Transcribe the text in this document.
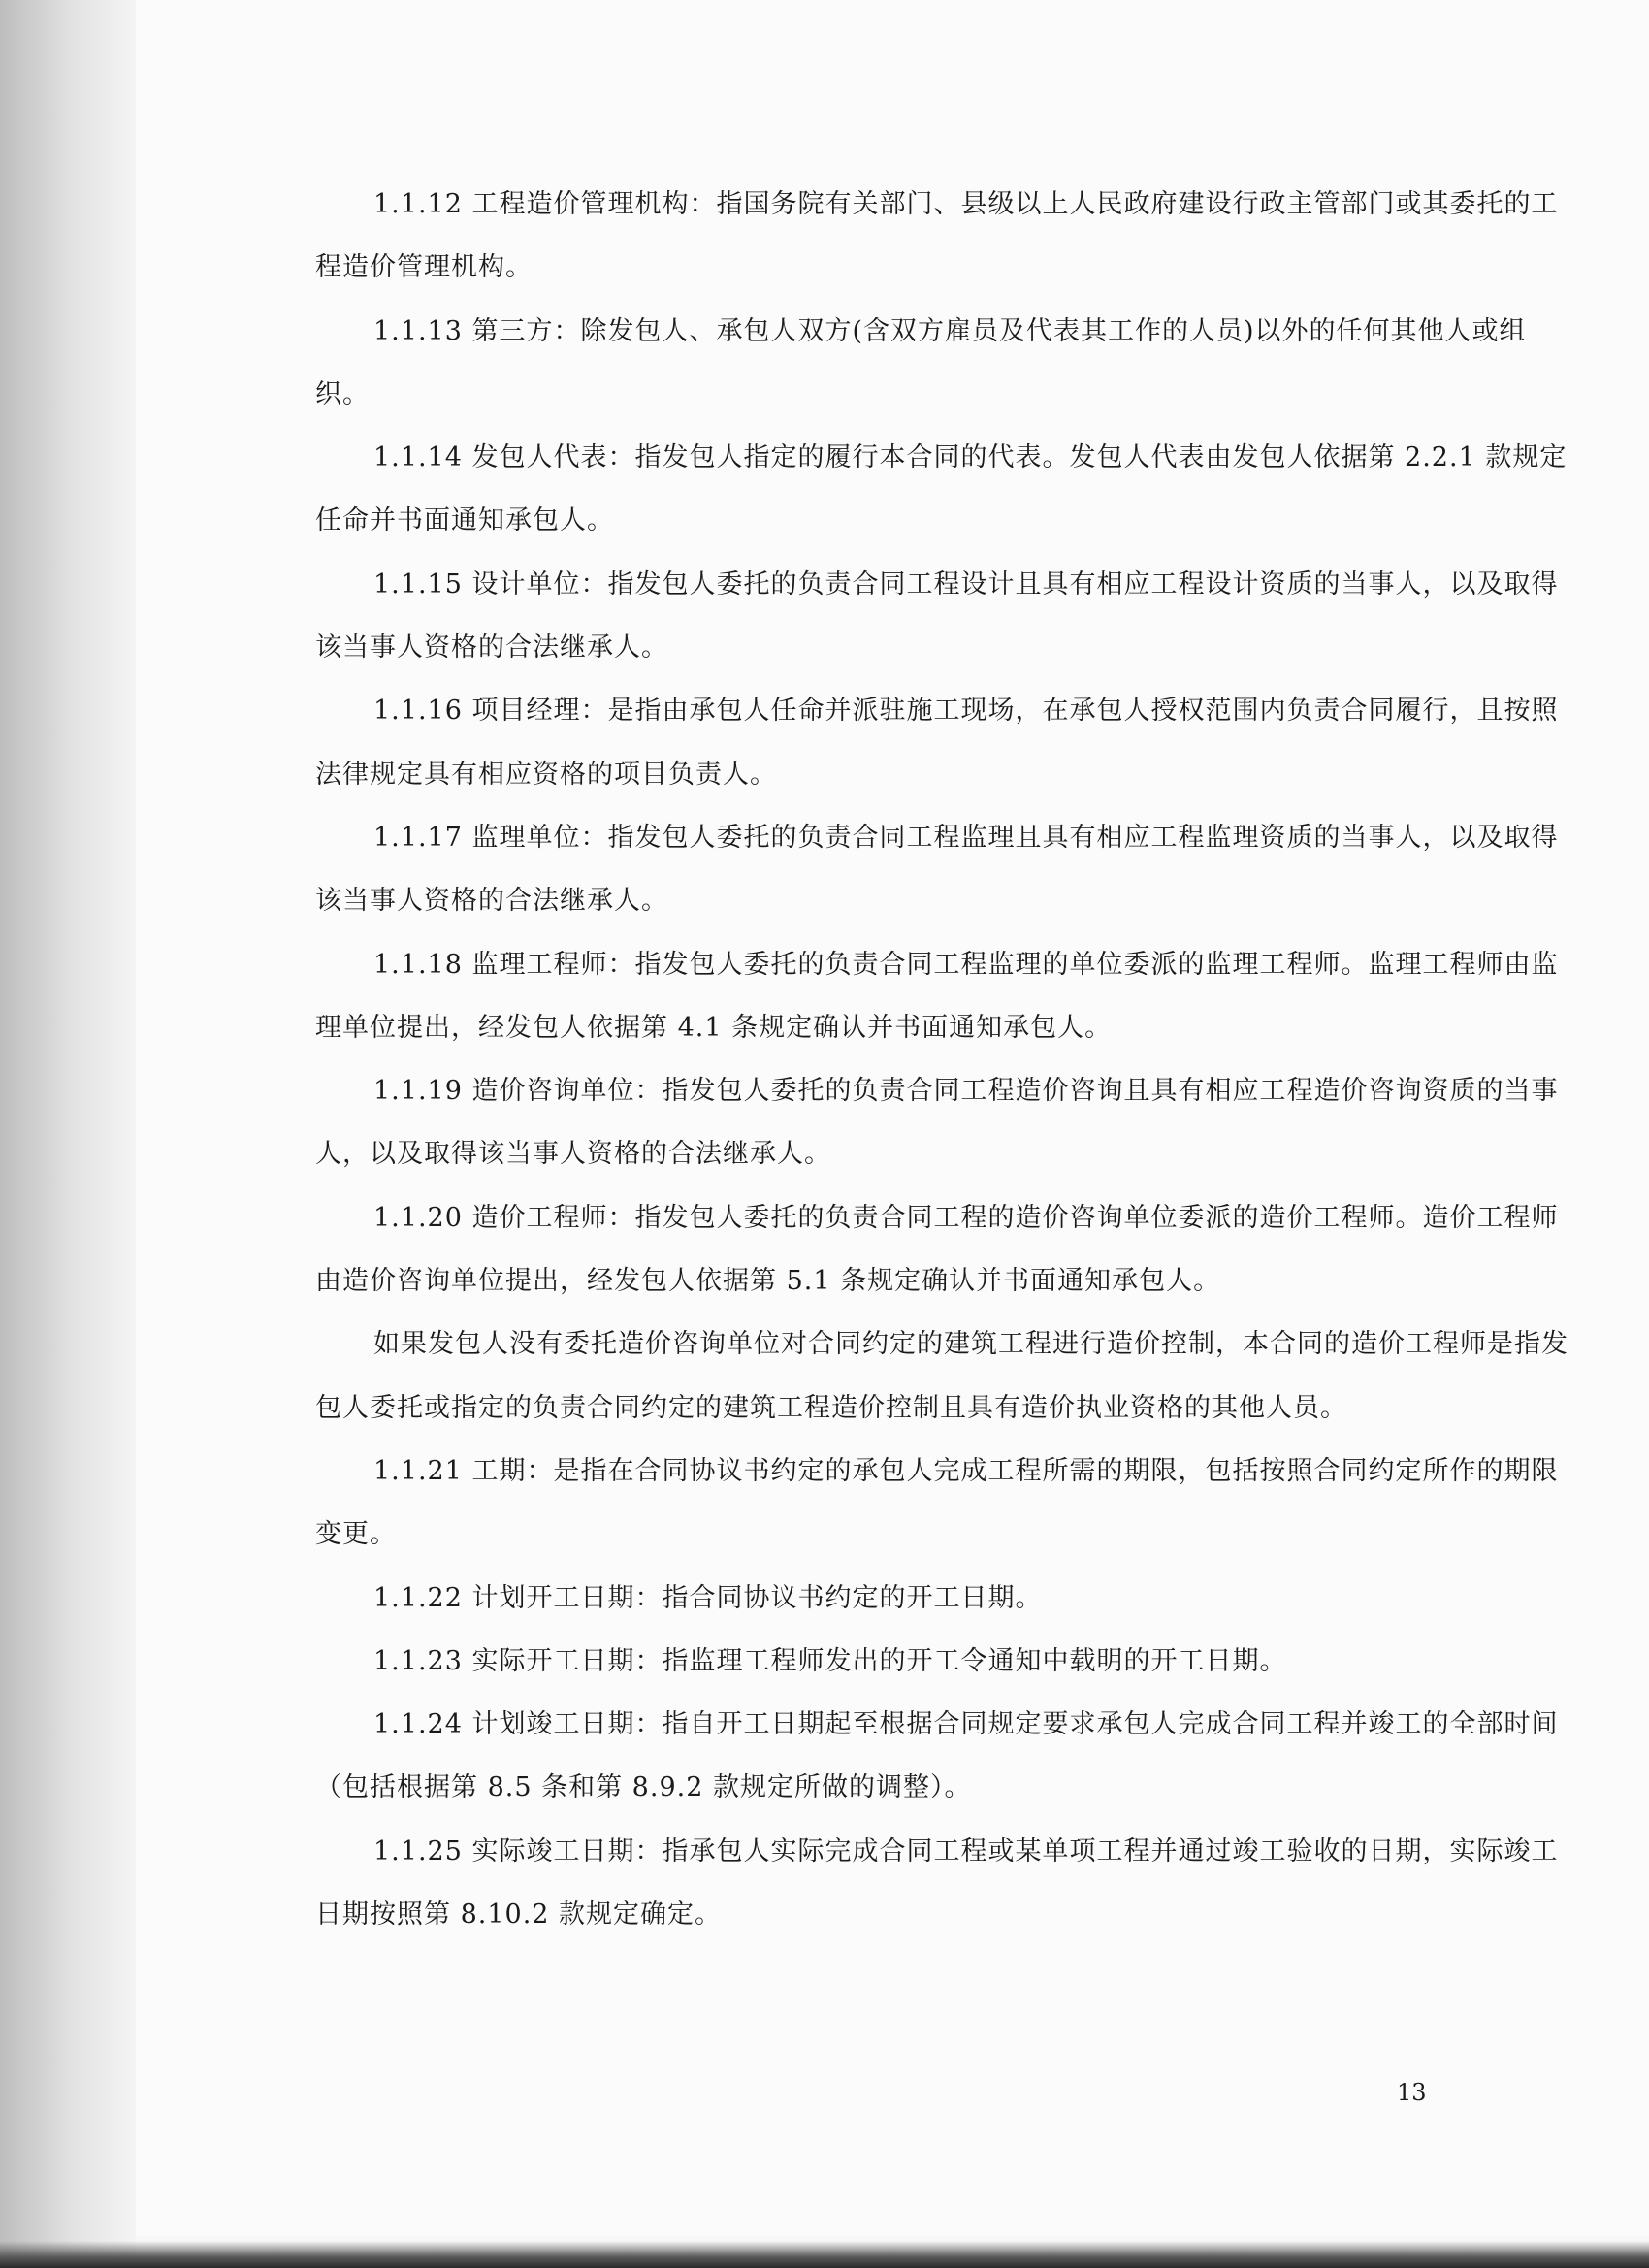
1.1.12 工程造价管理机构：指国务院有关部门、县级以上人民政府建设行政主管部门或其委托的工程造价管理机构。

1.1.13 第三方：除发包人、承包人双方(含双方雇员及代表其工作的人员)以外的任何其他人或组织。

1.1.14 发包人代表：指发包人指定的履行本合同的代表。发包人代表由发包人依据第 2.2.1 款规定任命并书面通知承包人。

1.1.15 设计单位：指发包人委托的负责合同工程设计且具有相应工程设计资质的当事人，以及取得该当事人资格的合法继承人。

1.1.16 项目经理：是指由承包人任命并派驻施工现场，在承包人授权范围内负责合同履行，且按照法律规定具有相应资格的项目负责人。

1.1.17 监理单位：指发包人委托的负责合同工程监理且具有相应工程监理资质的当事人，以及取得该当事人资格的合法继承人。

1.1.18 监理工程师：指发包人委托的负责合同工程监理的单位委派的监理工程师。监理工程师由监理单位提出，经发包人依据第 4.1 条规定确认并书面通知承包人。

1.1.19 造价咨询单位：指发包人委托的负责合同工程造价咨询且具有相应工程造价咨询资质的当事人，以及取得该当事人资格的合法继承人。

1.1.20 造价工程师：指发包人委托的负责合同工程的造价咨询单位委派的造价工程师。造价工程师由造价咨询单位提出，经发包人依据第 5.1 条规定确认并书面通知承包人。

如果发包人没有委托造价咨询单位对合同约定的建筑工程进行造价控制，本合同的造价工程师是指发包人委托或指定的负责合同约定的建筑工程造价控制且具有造价执业资格的其他人员。

1.1.21 工期：是指在合同协议书约定的承包人完成工程所需的期限，包括按照合同约定所作的期限变更。

1.1.22 计划开工日期：指合同协议书约定的开工日期。

1.1.23 实际开工日期：指监理工程师发出的开工令通知中载明的开工日期。

1.1.24 计划竣工日期：指自开工日期起至根据合同规定要求承包人完成合同工程并竣工的全部时间（包括根据第 8.5 条和第 8.9.2 款规定所做的调整）。

1.1.25 实际竣工日期：指承包人实际完成合同工程或某单项工程并通过竣工验收的日期，实际竣工日期按照第 8.10.2 款规定确定。

13
